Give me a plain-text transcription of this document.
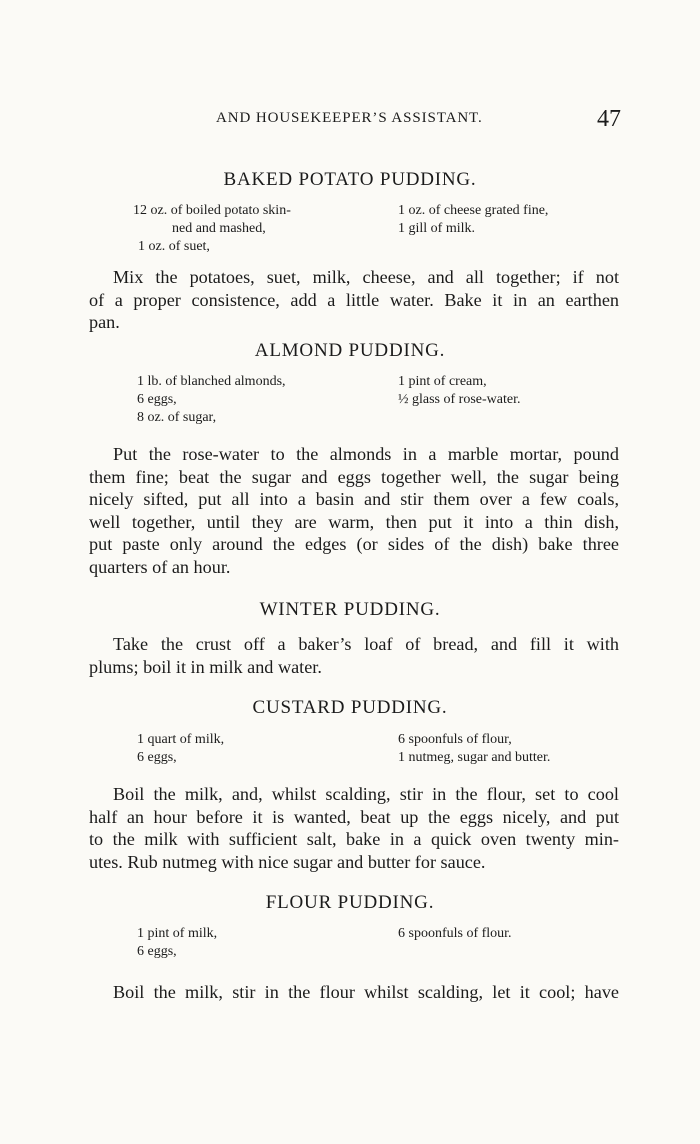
AND HOUSEKEEPER’S ASSISTANT.	47
BAKED POTATO PUDDING.
12 oz. of boiled potato skin-
ned and mashed,
1 oz. of suet,
1 oz. of cheese grated fine,
1 gill of milk.
Mix the potatoes, suet, milk, cheese, and all together; if not
of a proper consistence, add a little water. Bake it in an earthen
pan.
ALMOND PUDDING.
1 lb. of blanched almonds,
6 eggs,
8 oz. of sugar,
1 pint of cream,
½ glass of rose-water.
Put the rose-water to the almonds in a marble mortar, pound
them fine; beat the sugar and eggs together well, the sugar being
nicely sifted, put all into a basin and stir them over a few coals,
well together, until they are warm, then put it into a thin dish,
put paste only around the edges (or sides of the dish) bake three
quarters of an hour.
WINTER PUDDING.
Take the crust off a baker’s loaf of bread, and fill it with
plums; boil it in milk and water.
CUSTARD PUDDING.
1 quart of milk,
6 eggs,
6 spoonfuls of flour,
1 nutmeg, sugar and butter.
Boil the milk, and, whilst scalding, stir in the flour, set to cool
half an hour before it is wanted, beat up the eggs nicely, and put
to the milk with sufficient salt, bake in a quick oven twenty min-
utes. Rub nutmeg with nice sugar and butter for sauce.
FLOUR PUDDING.
1 pint of milk,
6 eggs,
6 spoonfuls of flour.
Boil the milk, stir in the flour whilst scalding, let it cool; have
